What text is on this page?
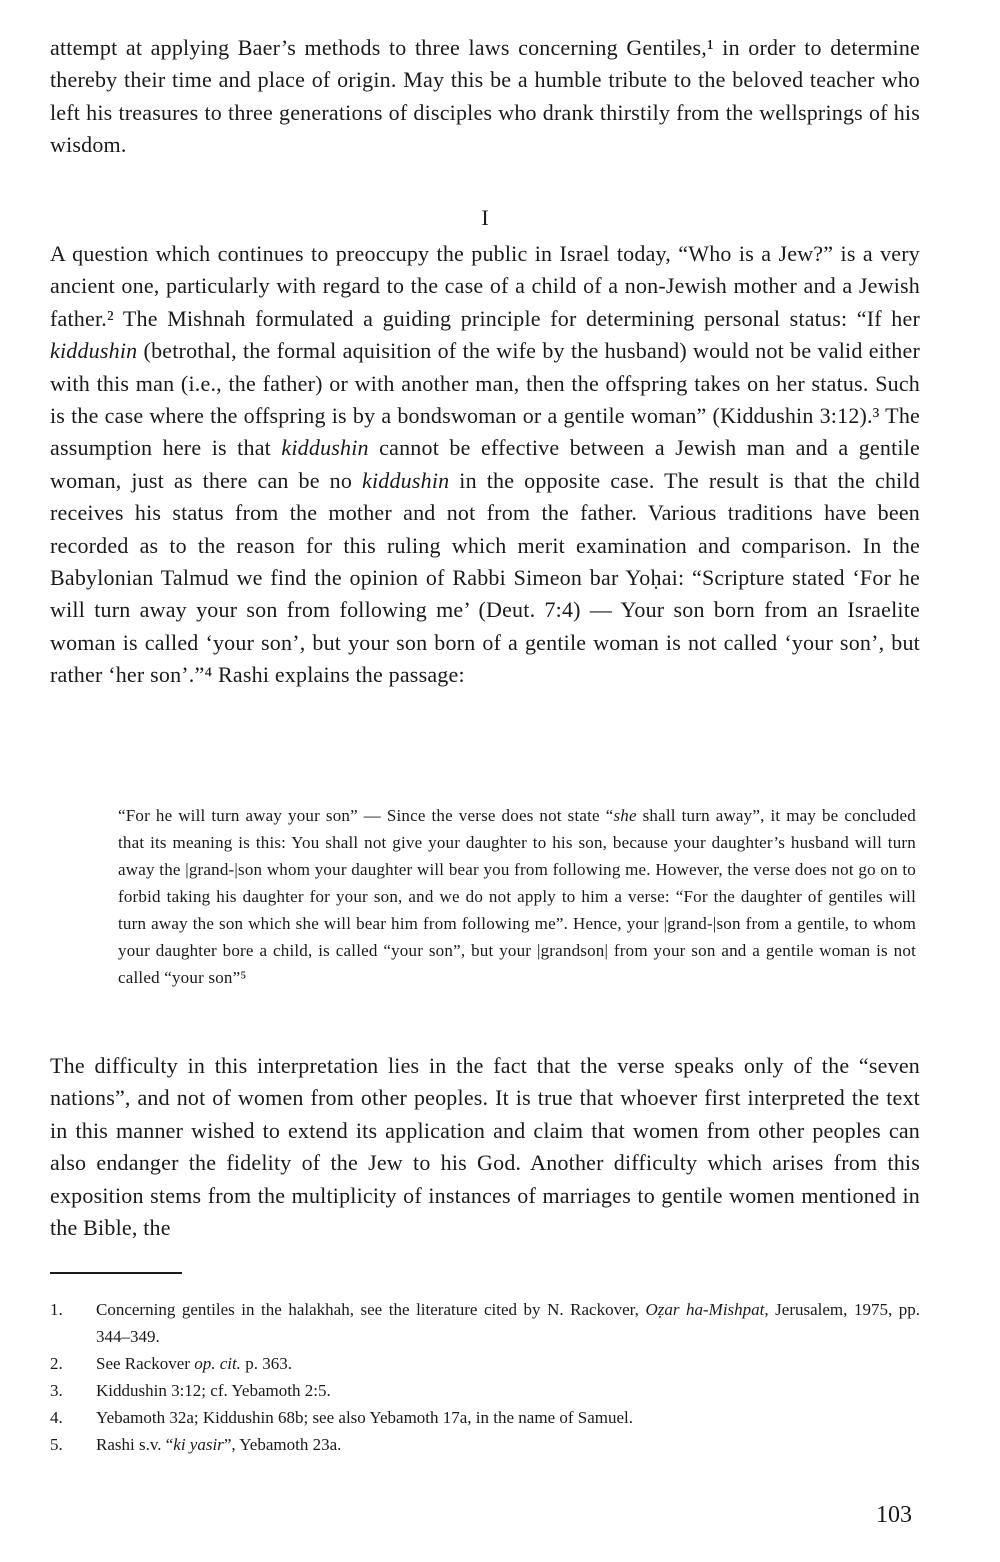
attempt at applying Baer’s methods to three laws concerning Gentiles,¹ in order to determine thereby their time and place of origin. May this be a humble tribute to the beloved teacher who left his treasures to three generations of disciples who drank thirstily from the wellsprings of his wisdom.

I

A question which continues to preoccupy the public in Israel today, “Who is a Jew?” is a very ancient one, particularly with regard to the case of a child of a non-Jewish mother and a Jewish father.² The Mishnah formulated a guiding principle for determining personal status: “If her kiddushin (betrothal, the formal aquisition of the wife by the husband) would not be valid either with this man (i.e., the father) or with another man, then the offspring takes on her status. Such is the case where the offspring is by a bondswoman or a gentile woman” (Kiddushin 3:12).³ The assumption here is that kiddushin cannot be effective between a Jewish man and a gentile woman, just as there can be no kiddushin in the opposite case. The result is that the child receives his status from the mother and not from the father. Various traditions have been recorded as to the reason for this ruling which merit examination and comparison. In the Babylonian Talmud we find the opinion of Rabbi Simeon bar Yoḥai: “Scripture stated ‘For he will turn away your son from following me’ (Deut. 7:4) — Your son born from an Israelite woman is called ‘your son’, but your son born of a gentile woman is not called ‘your son’, but rather ‘her son’.”⁴ Rashi explains the passage:

“For he will turn away your son” — Since the verse does not state “she shall turn away”, it may be concluded that its meaning is this: You shall not give your daughter to his son, because your daughter’s husband will turn away the |grand-|son whom your daughter will bear you from following me. However, the verse does not go on to forbid taking his daughter for your son, and we do not apply to him a verse: “For the daughter of gentiles will turn away the son which she will bear him from following me”. Hence, your |grand-|son from a gentile, to whom your daughter bore a child, is called “your son”, but your |grandson| from your son and a gentile woman is not called “your son”⁵

The difficulty in this interpretation lies in the fact that the verse speaks only of the “seven nations”, and not of women from other peoples. It is true that whoever first interpreted the text in this manner wished to extend its application and claim that women from other peoples can also endanger the fidelity of the Jew to his God. Another difficulty which arises from this exposition stems from the multiplicity of instances of marriages to gentile women mentioned in the Bible, the

1.	Concerning gentiles in the halakhah, see the literature cited by N. Rackover, Oẓar ha-Mishpat, Jerusalem, 1975, pp. 344–349.
2.	See Rackover op. cit. p. 363.
3.	Kiddushin 3:12; cf. Yebamoth 2:5.
4.	Yebamoth 32a; Kiddushin 68b; see also Yebamoth 17a, in the name of Samuel.
5.	Rashi s.v. “ki yasir”, Yebamoth 23a.

103
